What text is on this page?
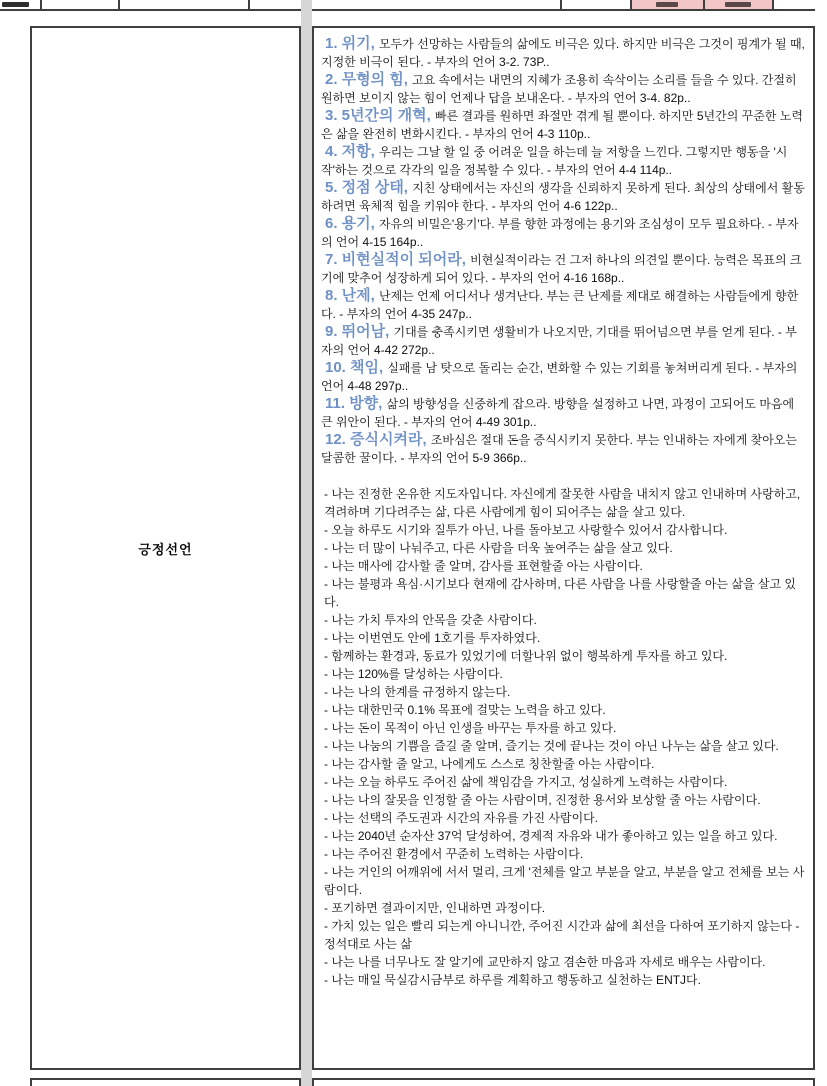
긍정선언

1. 위기, 모두가 선망하는 사람들의 삶에도 비극은 있다. 하지만 비극은 그것이 핑계가 될 때, 지정한 비극이 된다. - 부자의 언어 3-2. 73P..

2. 무형의 힘, 고요 속에서는 내면의 지혜가 조용히 속삭이는 소리를 들을 수 있다. 간절히 원하면 보이지 않는 힘이 언제나 답을 보내온다. - 부자의 언어 3-4. 82p..

3. 5년간의 개혁, 빠른 결과를 원하면 좌절만 겪게 될 뿐이다. 하지만 5년간의 꾸준한 노력은 삶을 완전히 변화시킨다. - 부자의 언어 4-3 110p..

4. 저항, 우리는 그날 할 일 중 어려운 일을 하는데 늘 저항을 느낀다. 그렇지만 행동을 '시작'하는 것으로 각각의 일을 정복할 수 있다. - 부자의 언어 4-4 114p..

5. 정점 상태, 지친 상태에서는 자신의 생각을 신뢰하지 못하게 된다. 최상의 상태에서 활동하려면 육체적 힘을 키워야 한다. - 부자의 언어 4-6 122p..

6. 용기, 자유의 비밀은'용기'다. 부를 향한 과정에는 용기와 조심성이 모두 필요하다. - 부자의 언어 4-15 164p..

7. 비현실적이 되어라, 비현실적이라는 건 그저 하나의 의견일 뿐이다. 능력은 목표의 크기에 맞추어 성장하게 되어 있다. - 부자의 언어 4-16 168p..

8. 난제, 난제는 언제 어디서나 생겨난다. 부는 큰 난제를 제대로 해결하는 사람들에게 향한다. - 부자의 언어 4-35 247p..

9. 뛰어남, 기대를 충족시키면 생활비가 나오지만, 기대를 뛰어넘으면 부를 얻게 된다. - 부자의 언어 4-42 272p..

10. 책임, 실패를 남 탓으로 돌리는 순간, 변화할 수 있는 기회를 놓쳐버리게 된다. - 부자의 언어 4-48 297p..

11. 방향, 삶의 방향성을 신중하게 잡으라. 방향을 설정하고 나면, 과정이 고되어도 마음에 큰 위안이 된다. - 부자의 언어 4-49 301p..

12. 증식시켜라, 조바심은 절대 돈을 증식시키지 못한다. 부는 인내하는 자에게 찾아오는 달콤한 꿀이다. - 부자의 언어 5-9 366p..

- 나는 진정한 온유한 지도자입니다. 자신에게 잘못한 사람을 내치지 않고 인내하며 사랑하고, 격려하며 기다려주는 삶, 다른 사람에게 힘이 되어주는 삶을 살고 있다.
- 오늘 하루도 시기와 질투가 아닌, 나를 돌아보고 사랑할수 있어서 감사합니다.
- 나는 더 많이 나눠주고, 다른 사람을 더욱 높여주는 삶을 살고 있다.
- 나는 매사에 감사할 줄 알며, 감사를 표현할줄 아는 사람이다.
- 나는 불평과 욕심·시기보다 현재에 감사하며, 다른 사람을 나를 사랑할줄 아는 삶을 살고 있다.
- 나는 가치 투자의 안목을 갖춘 사람이다.
- 나는 이번연도 안에 1호기를 투자하였다.
- 함께하는 환경과, 동료가 있었기에 더할나위 없이 행복하게 투자를 하고 있다.
- 나는 120%를 달성하는 사람이다.
- 나는 나의 한계를 규정하지 않는다.
- 나는 대한민국 0.1% 목표에 걸맞는 노력을 하고 있다.
- 나는 돈이 목적이 아닌 인생을 바꾸는 투자를 하고 있다.
- 나는 나눔의 기쁨을 즐길 줄 알며, 즐기는 것에 끝나는 것이 아닌 나누는 삶을 살고 있다.
- 나는 감사할 줄 알고, 나에게도 스스로 칭찬할줄 아는 사람이다.
- 나는 오늘 하루도 주어진 삶에 책임감을 가지고, 성실하게 노력하는 사람이다.
- 나는 나의 잘못을 인정할 줄 아는 사람이며, 진정한 용서와 보상할 줄 아는 사람이다.
- 나는 선택의 주도권과 시간의 자유를 가진 사람이다.
- 나는 2040년 순자산 37억 달성하여, 경제적 자유와 내가 좋아하고 있는 일을 하고 있다.
- 나는 주어진 환경에서 꾸준히 노력하는 사람이다.
- 나는 거인의 어깨위에 서서 멀리, 크게 '전체를 알고 부분을 알고, 부분을 알고 전체를 보는 사람이다.
- 포기하면 결과이지만, 인내하면 과정이다.
- 가치 있는 일은 빨리 되는게 아니니깐, 주어진 시간과 삶에 최선을 다하여 포기하지 않는다 - 정석대로 사는 삶
- 나는 나를 너무나도 잘 알기에 교만하지 않고 겸손한 마음과 자세로 배우는 사람이다.
- 나는 매일 묵실감시금부로 하루를 계획하고 행동하고 실천하는 ENTJ다.
